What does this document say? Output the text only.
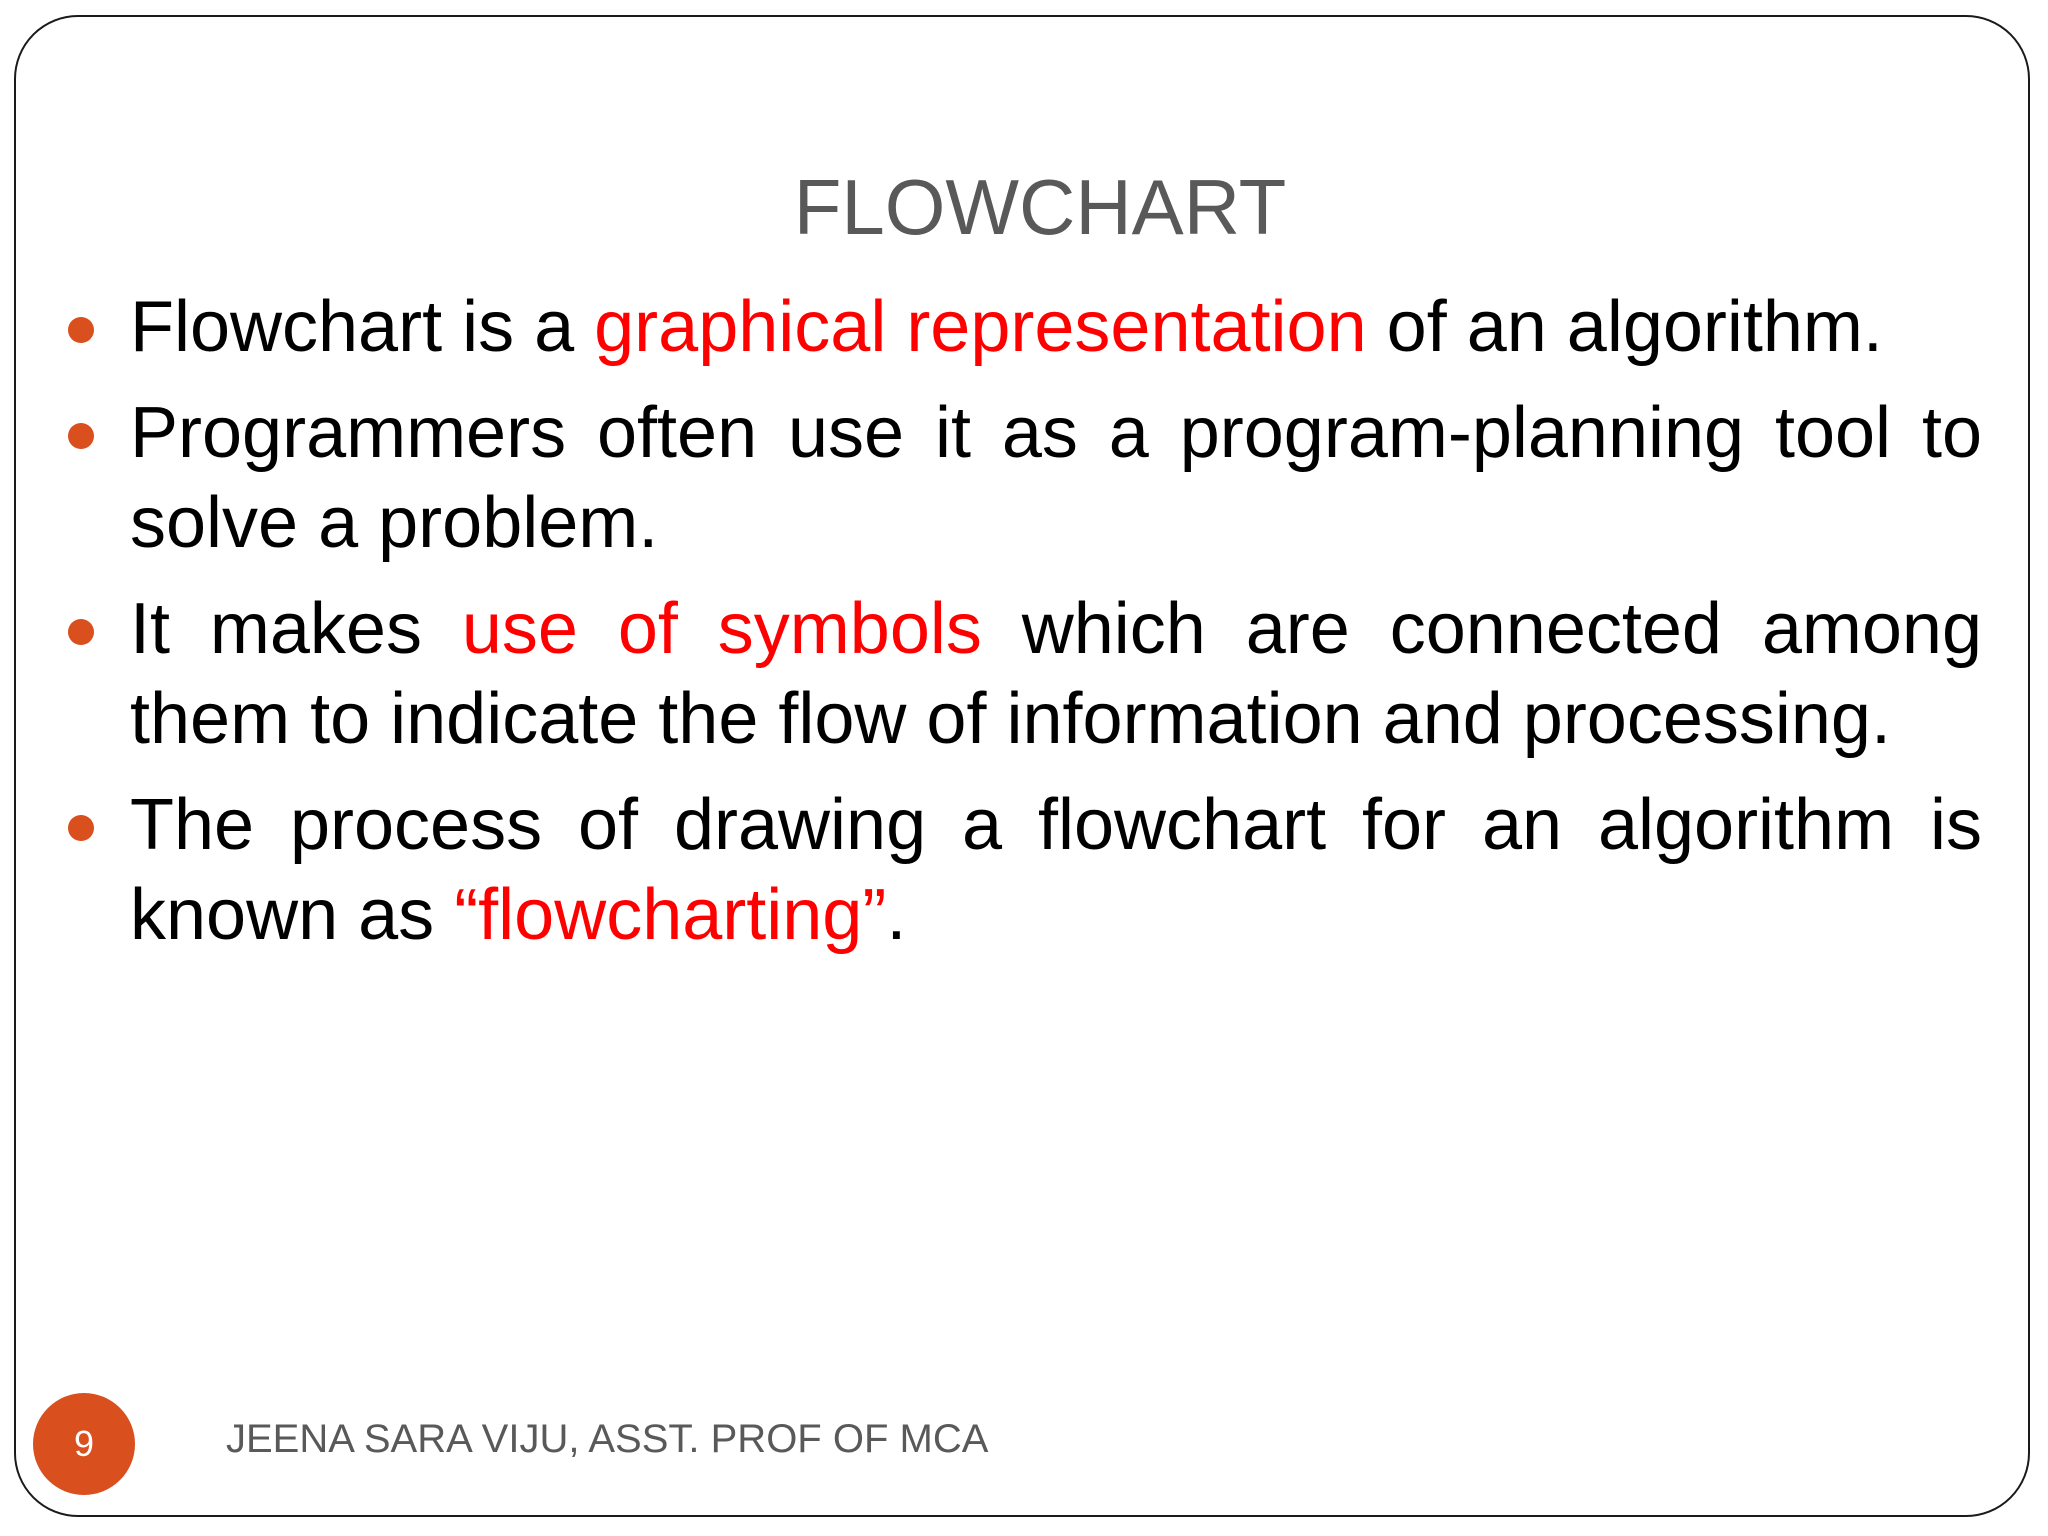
FLOWCHART
Flowchart is a graphical representation of an algorithm.
Programmers often use it as a program-planning tool to solve a problem.
It makes use of symbols which are connected among them to indicate the flow of information and processing.
The process of drawing a flowchart for an algorithm is known as “flowcharting”.
9	JEENA SARA VIJU, ASST. PROF OF MCA
